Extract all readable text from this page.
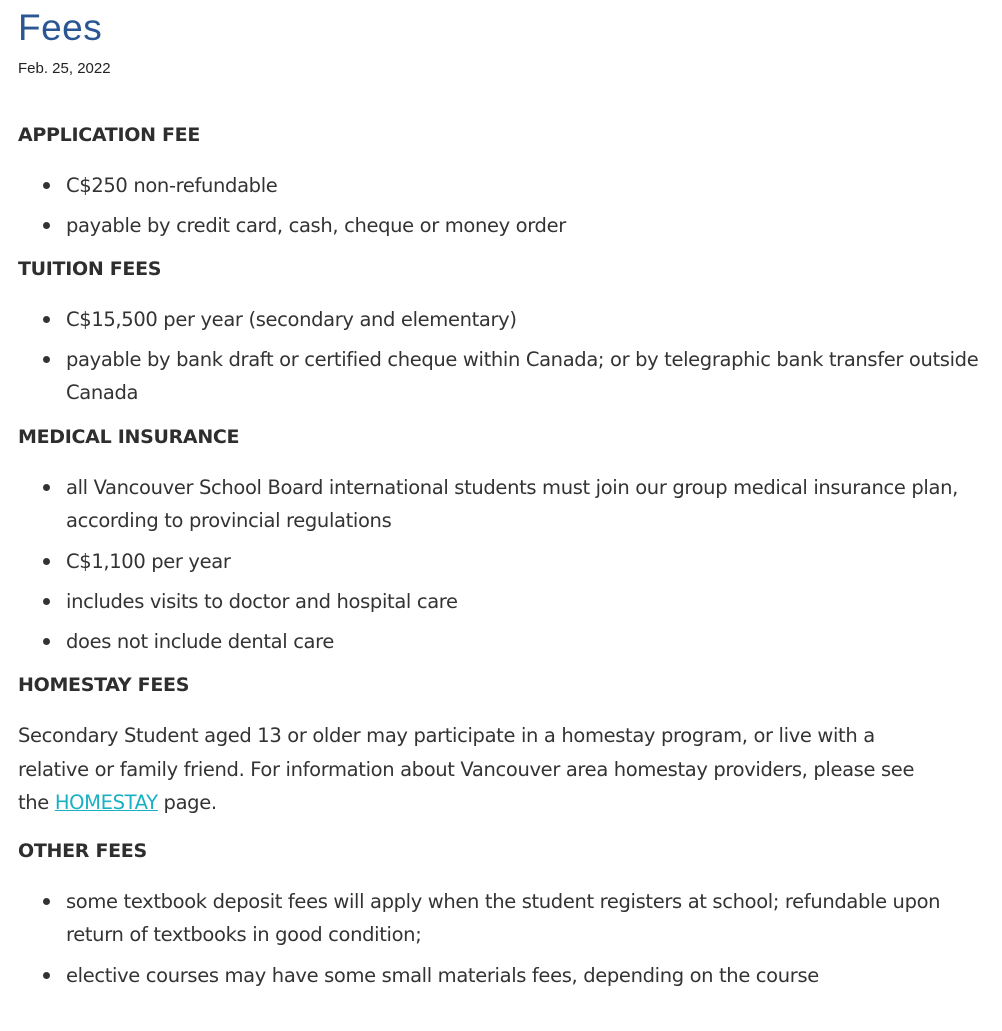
Fees
Feb. 25, 2022
APPLICATION FEE
C$250 non-refundable
payable by credit card, cash, cheque or money order
TUITION FEES
C$15,500 per year (secondary and elementary)
payable by bank draft or certified cheque within Canada; or by telegraphic bank transfer outside Canada
MEDICAL INSURANCE
all Vancouver School Board international students must join our group medical insurance plan, according to provincial regulations
C$1,100 per year
includes visits to doctor and hospital care
does not include dental care
HOMESTAY FEES

Secondary Student aged 13 or older may participate in a homestay program, or live with a relative or family friend. For information about Vancouver area homestay providers, please see the HOMESTAY page.

OTHER FEES
some textbook deposit fees will apply when the student registers at school; refundable upon return of textbooks in good condition;
elective courses may have some small materials fees, depending on the course
